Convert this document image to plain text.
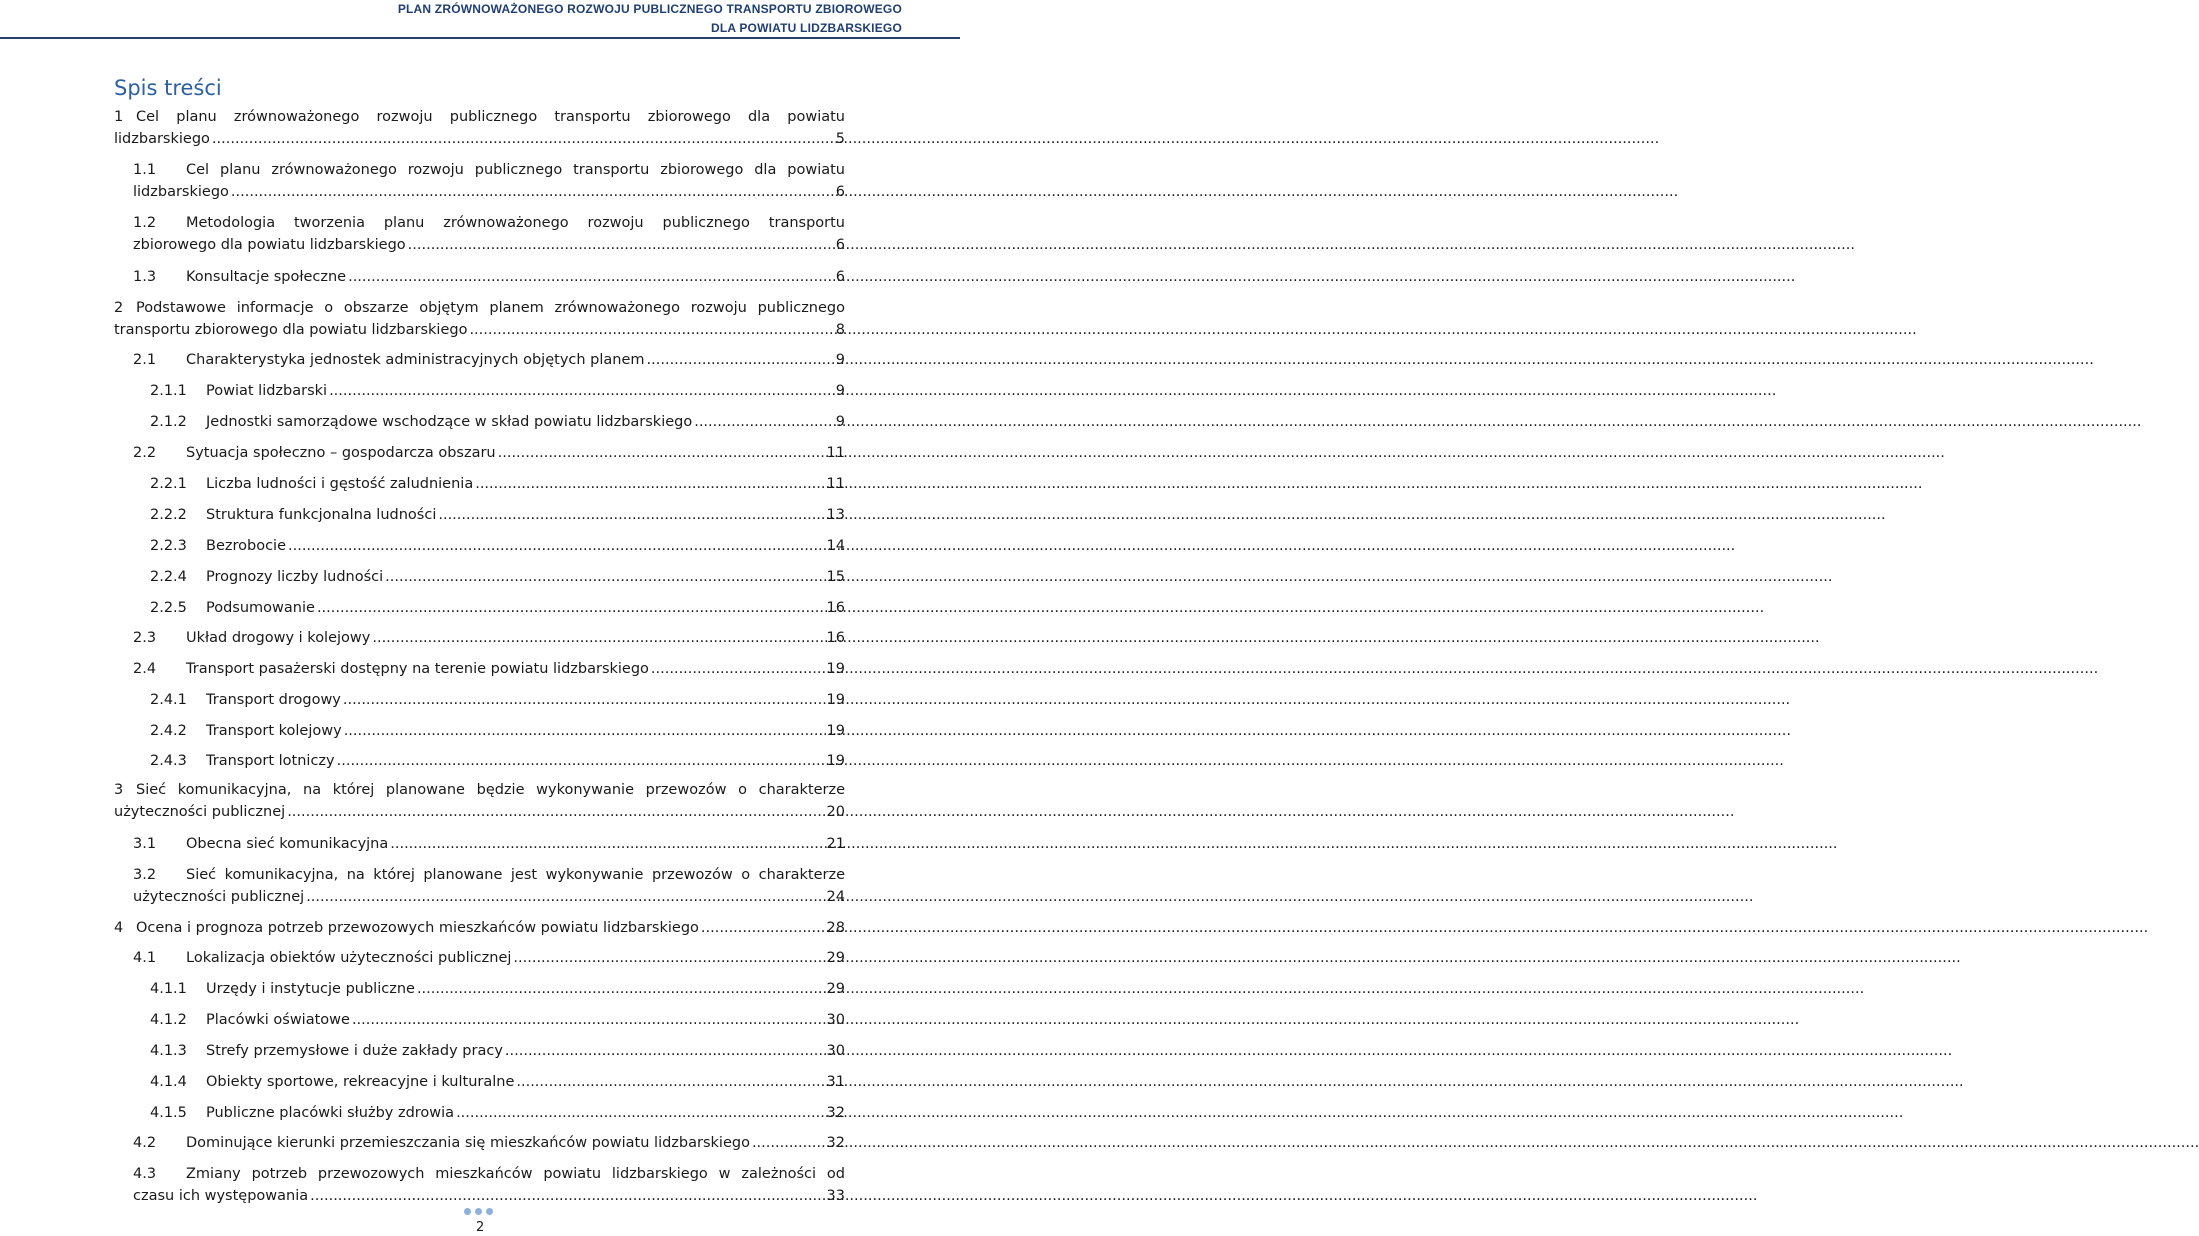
PLAN ZRÓWNOWAŻONEGO ROZWOJU PUBLICZNEGO TRANSPORTU ZBIOROWEGO
DLA POWIATU LIDZBARSKIEGO
Spis treści
1 Cel planu zrównoważonego rozwoju publicznego transportu zbiorowego dla powiatu
lidzbarskiego .....	5
1.1 Cel planu zrównoważonego rozwoju publicznego transportu zbiorowego dla powiatu
lidzbarskiego .....	6
1.2 Metodologia tworzenia planu zrównoważonego rozwoju publicznego transportu
zbiorowego dla powiatu lidzbarskiego .....	6
1.3	Konsultacje społeczne .....	6
2 Podstawowe informacje o obszarze objętym planem zrównoważonego rozwoju publicznego
transportu zbiorowego dla powiatu lidzbarskiego .....	8
2.1	Charakterystyka jednostek administracyjnych objętych planem .....	9
2.1.1	Powiat lidzbarski .....	9
2.1.2	Jednostki samorządowe wschodzące w skład powiatu lidzbarskiego .....	9
2.2	Sytuacja społeczno – gospodarcza obszaru .....	11
2.2.1	Liczba ludności i gęstość zaludnienia .....	11
2.2.2	Struktura funkcjonalna ludności .....	13
2.2.3	Bezrobocie .....	14
2.2.4	Prognozy liczby ludności .....	15
2.2.5	Podsumowanie .....	16
2.3	Układ drogowy i kolejowy .....	16
2.4	Transport pasażerski dostępny na terenie powiatu lidzbarskiego .....	19
2.4.1	Transport drogowy .....	19
2.4.2	Transport kolejowy .....	19
2.4.3	Transport lotniczy .....	19
3 Sieć komunikacyjna, na której planowane będzie wykonywanie przewozów o charakterze
użyteczności publicznej .....	20
3.1	Obecna sieć komunikacyjna .....	21
3.2 Sieć komunikacyjna, na której planowane jest wykonywanie przewozów o charakterze
użyteczności publicznej .....	24
4 Ocena i prognoza potrzeb przewozowych mieszkańców powiatu lidzbarskiego .....	28
4.1	Lokalizacja obiektów użyteczności publicznej .....	29
4.1.1	Urzędy i instytucje publiczne .....	29
4.1.2	Placówki oświatowe .....	30
4.1.3	Strefy przemysłowe i duże zakłady pracy .....	30
4.1.4	Obiekty sportowe, rekreacyjne i kulturalne .....	31
4.1.5	Publiczne placówki służby zdrowia .....	32
4.2	Dominujące kierunki przemieszczania się mieszkańców powiatu lidzbarskiego .....	32
4.3 Zmiany potrzeb przewozowych mieszkańców powiatu lidzbarskiego w zależności od
czasu ich występowania .....	33
2
